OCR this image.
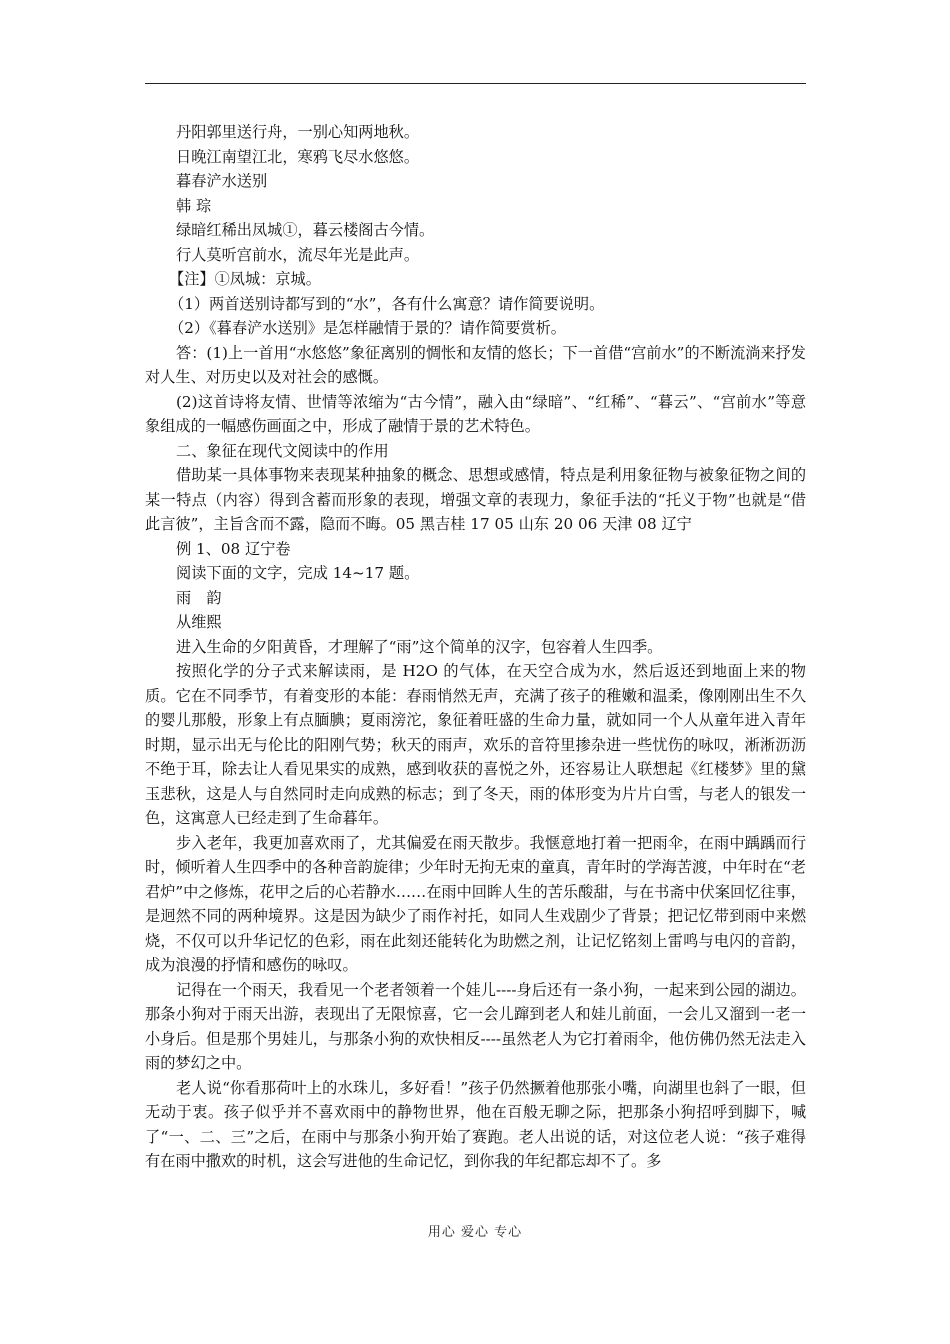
丹阳郭里送行舟，一别心知两地秋。
日晚江南望江北，寒鸦飞尽水悠悠。
暮春浐水送别
韩 琮
绿暗红稀出凤城①，暮云楼阁古今情。
行人莫听宫前水，流尽年光是此声。
【注】①凤城：京城。
（1）两首送别诗都写到的“水”，各有什么寓意？请作简要说明。
（2）《暮春浐水送别》是怎样融情于景的？请作简要赏析。

答：(1)上一首用“水悠悠”象征离别的惆怅和友情的悠长；下一首借“宫前水”的不断流淌来抒发对人生、对历史以及对社会的感慨。

(2)这首诗将友情、世情等浓缩为“古今情”，融入由“绿暗”、“红稀”、“暮云”、“宫前水”等意象组成的一幅感伤画面之中，形成了融情于景的艺术特色。

二、象征在现代文阅读中的作用

借助某一具体事物来表现某种抽象的概念、思想或感情，特点是利用象征物与被象征物之间的某一特点（内容）得到含蓄而形象的表现，增强文章的表现力，象征手法的“托义于物”也就是“借此言彼”，主旨含而不露，隐而不晦。05 黑吉桂 17 05 山东 20 06 天津 08 辽宁

例 1、08 辽宁卷
阅读下面的文字，完成 14~17 题。
雨　韵
从维熙

进入生命的夕阳黄昏，才理解了“雨”这个简单的汉字，包容着人生四季。

按照化学的分子式来解读雨，是 H2O 的气体，在天空合成为水，然后返还到地面上来的物质。它在不同季节，有着变形的本能：春雨悄然无声，充满了孩子的稚嫩和温柔，像刚刚出生不久的婴儿那般，形象上有点腼腆；夏雨滂沱，象征着旺盛的生命力量，就如同一个人从童年进入青年时期，显示出无与伦比的阳刚气势；秋天的雨声，欢乐的音符里掺杂进一些忧伤的咏叹，淅淅沥沥不绝于耳，除去让人看见果实的成熟，感到收获的喜悦之外，还容易让人联想起《红楼梦》里的黛玉悲秋，这是人与自然同时走向成熟的标志；到了冬天，雨的体形变为片片白雪，与老人的银发一色，这寓意人已经走到了生命暮年。

步入老年，我更加喜欢雨了，尤其偏爱在雨天散步。我惬意地打着一把雨伞，在雨中踽踽而行时，倾听着人生四季中的各种音韵旋律；少年时无拘无束的童真，青年时的学海苦渡，中年时在“老君炉”中之修炼，花甲之后的心若静水……在雨中回眸人生的苦乐酸甜，与在书斋中伏案回忆往事，是迥然不同的两种境界。这是因为缺少了雨作衬托，如同人生戏剧少了背景；把记忆带到雨中来燃烧，不仅可以升华记忆的色彩，雨在此刻还能转化为助燃之剂，让记忆铭刻上雷鸣与电闪的音韵，成为浪漫的抒情和感伤的咏叹。

记得在一个雨天，我看见一个老者领着一个娃儿----身后还有一条小狗，一起来到公园的湖边。那条小狗对于雨天出游，表现出了无限惊喜，它一会儿蹿到老人和娃儿前面，一会儿又溜到一老一小身后。但是那个男娃儿，与那条小狗的欢快相反----虽然老人为它打着雨伞，他仿佛仍然无法走入雨的梦幻之中。

老人说“你看那荷叶上的水珠儿，多好看！”孩子仍然撅着他那张小嘴，向湖里也斜了一眼，但无动于衷。孩子似乎并不喜欢雨中的静物世界，他在百般无聊之际，把那条小狗招呼到脚下，喊了“一、二、三”之后，在雨中与那条小狗开始了赛跑。老人出说的话，对这位老人说：“孩子难得有在雨中撒欢的时机，这会写进他的生命记忆，到你我的年纪都忘却不了。多

用心 爱心 专心
